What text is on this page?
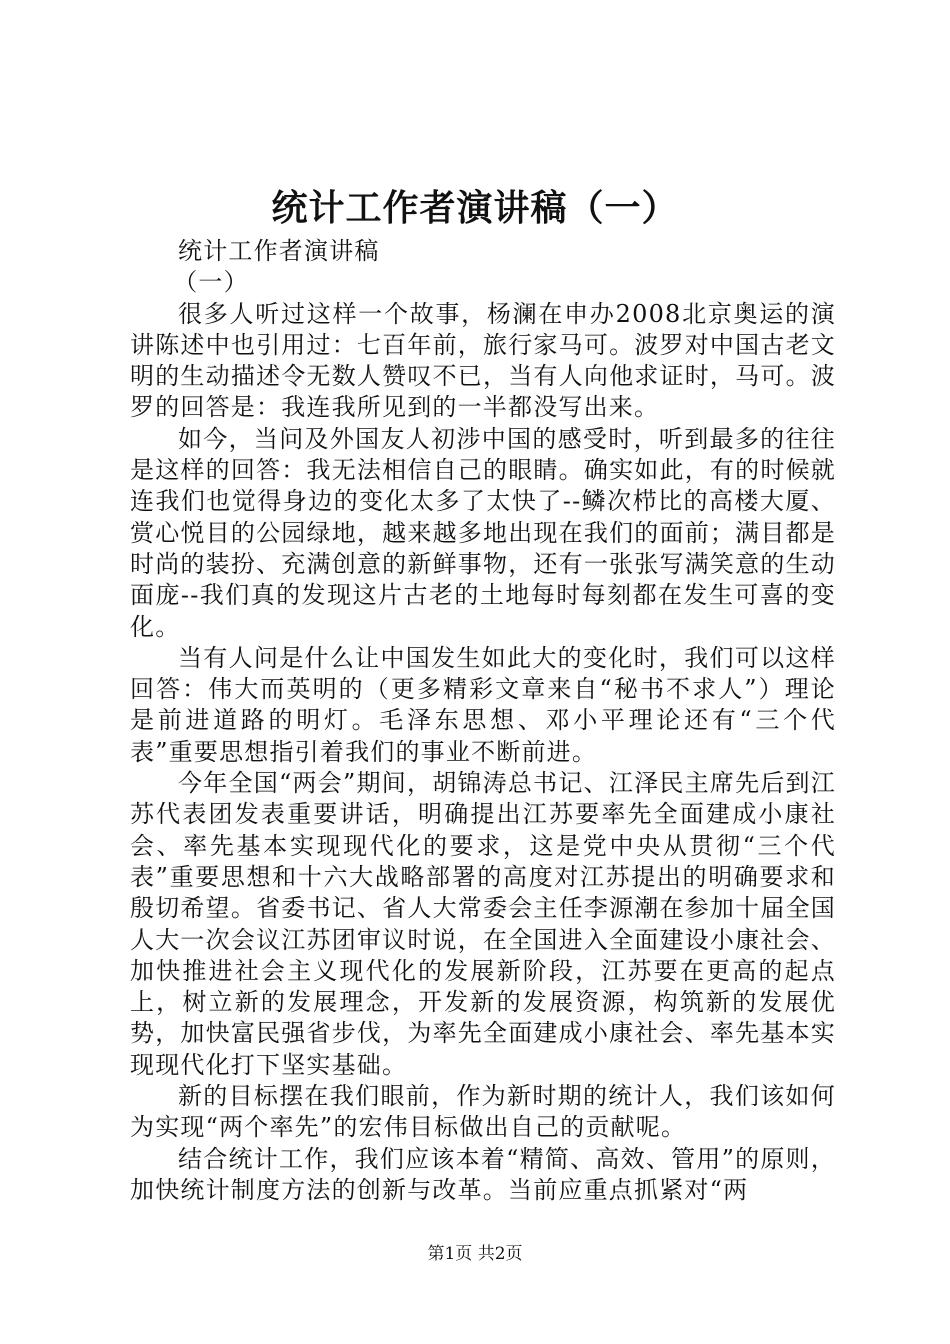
统计工作者演讲稿（一）

统计工作者演讲稿

（一）

很多人听过这样一个故事，杨澜在申办2008北京奥运的演讲陈述中也引用过：七百年前，旅行家马可。波罗对中国古老文明的生动描述令无数人赞叹不已，当有人向他求证时，马可。波罗的回答是：我连我所见到的一半都没写出来。

如今，当问及外国友人初涉中国的感受时，听到最多的往往是这样的回答：我无法相信自己的眼睛。确实如此，有的时候就连我们也觉得身边的变化太多了太快了--鳞次栉比的高楼大厦、赏心悦目的公园绿地，越来越多地出现在我们的面前；满目都是时尚的装扮、充满创意的新鲜事物，还有一张张写满笑意的生动面庞--我们真的发现这片古老的土地每时每刻都在发生可喜的变化。

当有人问是什么让中国发生如此大的变化时，我们可以这样回答：伟大而英明的（更多精彩文章来自“秘书不求人”）理论是前进道路的明灯。毛泽东思想、邓小平理论还有“三个代表”重要思想指引着我们的事业不断前进。

今年全国“两会”期间，胡锦涛总书记、江泽民主席先后到江苏代表团发表重要讲话，明确提出江苏要率先全面建成小康社会、率先基本实现现代化的要求，这是党中央从贯彻“三个代表”重要思想和十六大战略部署的高度对江苏提出的明确要求和殷切希望。省委书记、省人大常委会主任李源潮在参加十届全国人大一次会议江苏团审议时说，在全国进入全面建设小康社会、加快推进社会主义现代化的发展新阶段，江苏要在更高的起点上，树立新的发展理念，开发新的发展资源，构筑新的发展优势，加快富民强省步伐，为率先全面建成小康社会、率先基本实现现代化打下坚实基础。

新的目标摆在我们眼前，作为新时期的统计人，我们该如何为实现“两个率先”的宏伟目标做出自己的贡献呢。

结合统计工作，我们应该本着“精简、高效、管用”的原则，加快统计制度方法的创新与改革。当前应重点抓紧对“两

第1页 共2页
